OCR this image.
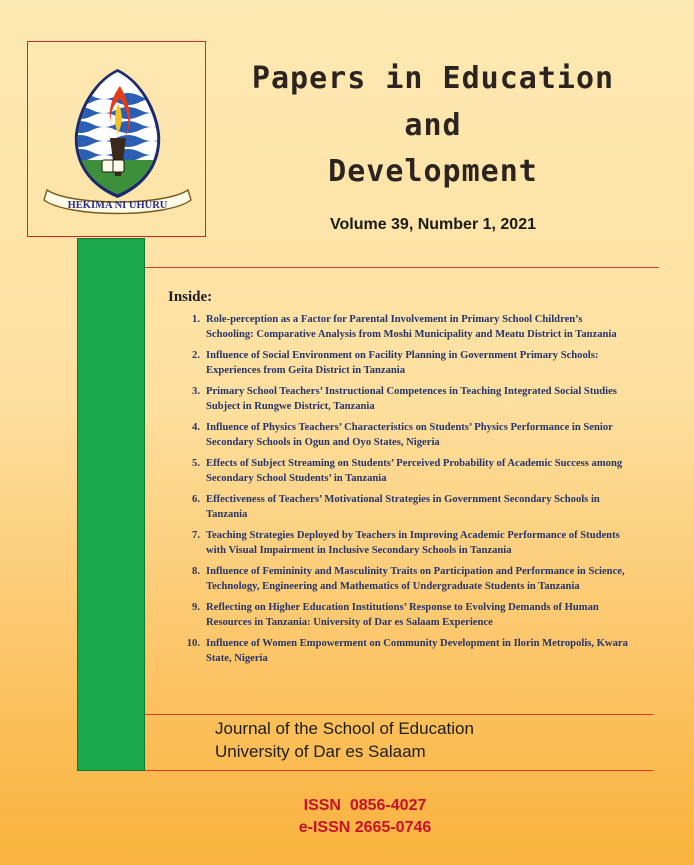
HEKIMA NI UHURU
Papers in Education
and
Development
Volume 39, Number 1, 2021
Inside:
1. Role-perception as a Factor for Parental Involvement in Primary School Children’s Schooling: Comparative Analysis from Moshi Municipality and Meatu District in Tanzania
2. Influence of Social Environment on Facility Planning in Government Primary Schools: Experiences from Geita District in Tanzania
3. Primary School Teachers’ Instructional Competences in Teaching Integrated Social Studies Subject in Rungwe District, Tanzania
4. Influence of Physics Teachers’ Characteristics on Students’ Physics Performance in Senior Secondary Schools in Ogun and Oyo States, Nigeria
5. Effects of Subject Streaming on Students’ Perceived Probability of Academic Success among Secondary School Students’ in Tanzania
6. Effectiveness of Teachers’ Motivational Strategies in Government Secondary Schools in Tanzania
7. Teaching Strategies Deployed by Teachers in Improving Academic Performance of Students with Visual Impairment in Inclusive Secondary Schools in Tanzania
8. Influence of Femininity and Masculinity Traits on Participation and Performance in Science, Technology, Engineering and Mathematics of Undergraduate Students in Tanzania
9. Reflecting on Higher Education Institutions’ Response to Evolving Demands of Human Resources in Tanzania: University of Dar es Salaam Experience
10. Influence of Women Empowerment on Community Development in Ilorin Metropolis, Kwara State, Nigeria
Journal of the School of Education
University of Dar es Salaam
ISSN  0856-4027
e-ISSN 2665-0746
